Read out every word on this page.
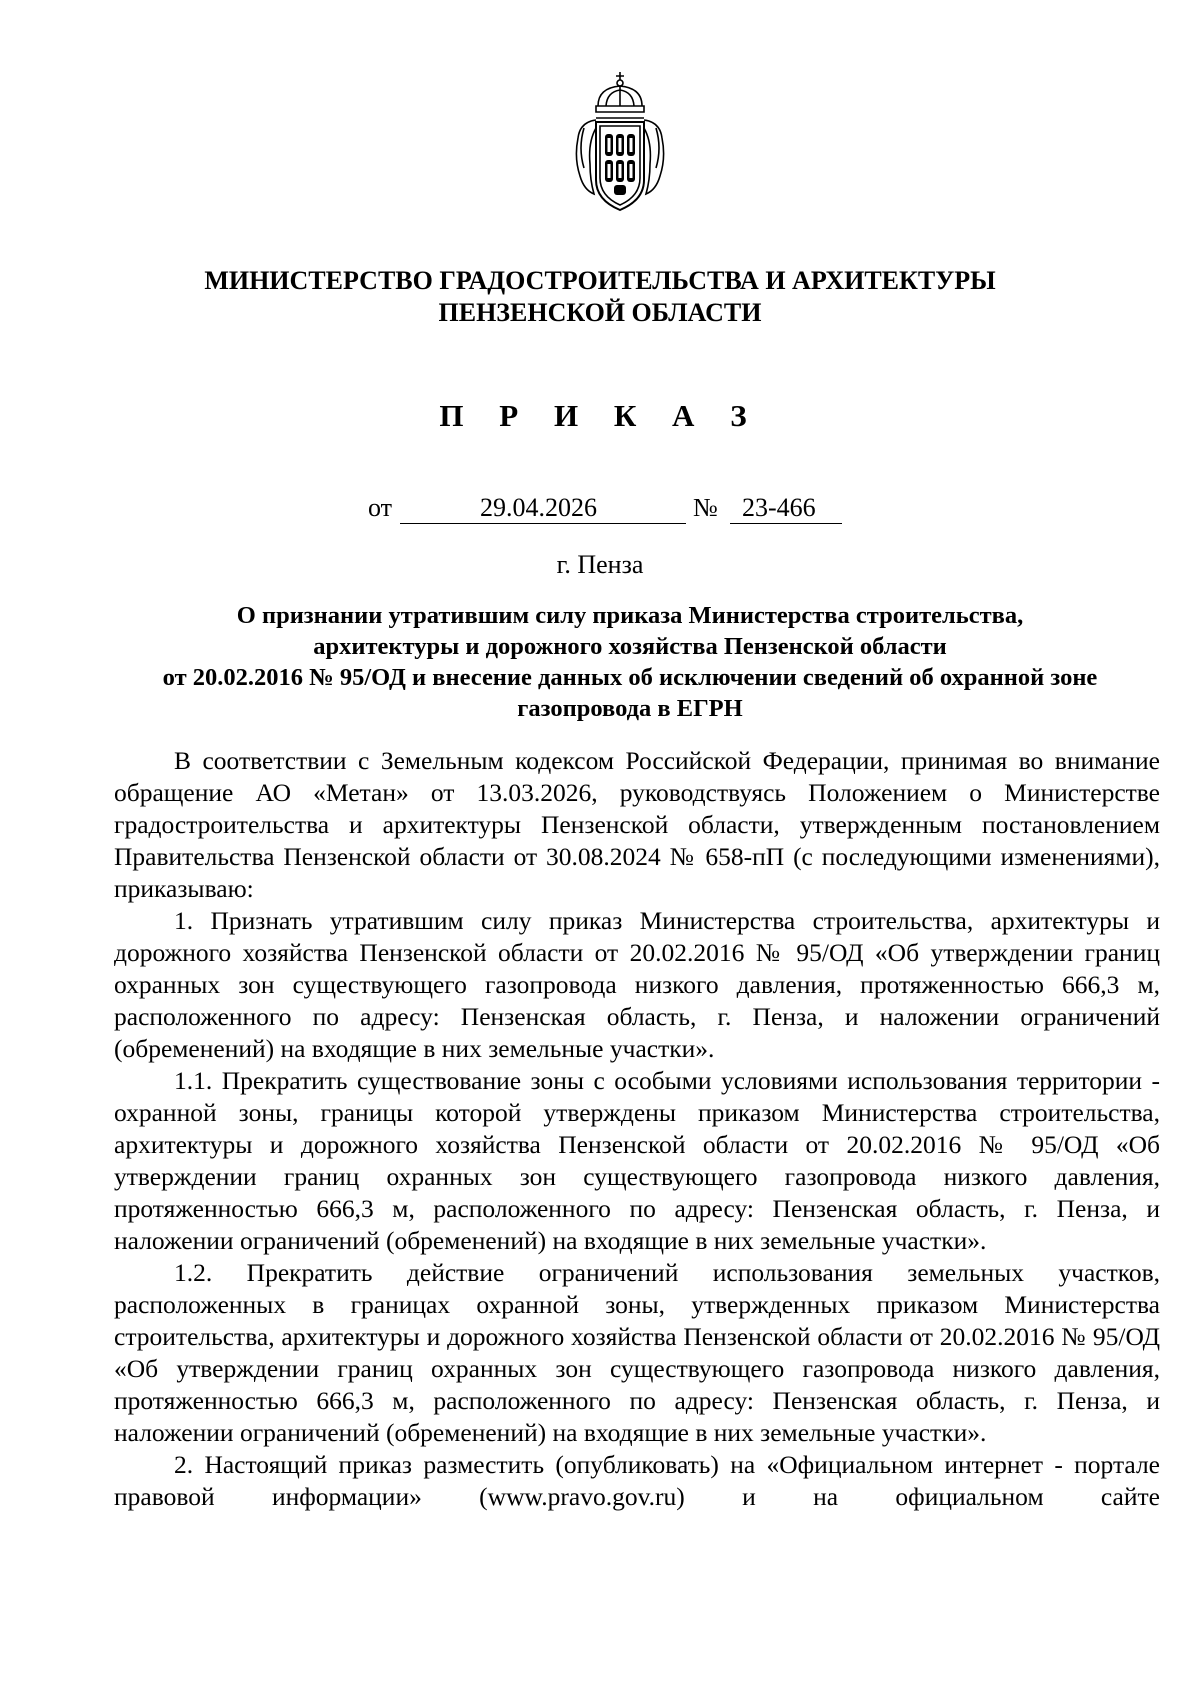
МИНИСТЕРСТВО ГРАДОСТРОИТЕЛЬСТВА И АРХИТЕКТУРЫ
ПЕНЗЕНСКОЙ ОБЛАСТИ
П Р И К А З
от	29.04.2026	№ 23-466
г. Пенза
О признании утратившим силу приказа Министерства строительства,
архитектуры и дорожного хозяйства Пензенской области
от 20.02.2016 № 95/ОД и внесение данных об исключении сведений об охранной зоне
газопровода в ЕГРН

В соответствии с Земельным кодексом Российской Федерации, принимая во внимание обращение АО «Метан» от 13.03.2026, руководствуясь Положением о Министерстве градостроительства и архитектуры Пензенской области, утвержденным постановлением Правительства Пензенской области от 30.08.2024 № 658-пП (с последующими изменениями), приказываю:

1. Признать утратившим силу приказ Министерства строительства, архитектуры и дорожного хозяйства Пензенской области от 20.02.2016 № 95/ОД «Об утверждении границ охранных зон существующего газопровода низкого давления, протяженностью 666,3 м, расположенного по адресу: Пензенская область, г. Пенза, и наложении ограничений (обременений) на входящие в них земельные участки».

1.1. Прекратить существование зоны с особыми условиями использования территории - охранной зоны, границы которой утверждены приказом Министерства строительства, архитектуры и дорожного хозяйства Пензенской области от 20.02.2016 № 95/ОД «Об утверждении границ охранных зон существующего газопровода низкого давления, протяженностью 666,3 м, расположенного по адресу: Пензенская область, г. Пенза, и наложении ограничений (обременений) на входящие в них земельные участки».

1.2. Прекратить действие ограничений использования земельных участков, расположенных в границах охранной зоны, утвержденных приказом Министерства строительства, архитектуры и дорожного хозяйства Пензенской области от 20.02.2016 № 95/ОД «Об утверждении границ охранных зон существующего газопровода низкого давления, протяженностью 666,3 м, расположенного по адресу: Пензенская область, г. Пенза, и наложении ограничений (обременений) на входящие в них земельные участки».

2. Настоящий приказ разместить (опубликовать) на «Официальном интернет - портале правовой информации» (www.pravo.gov.ru) и на официальном сайте
